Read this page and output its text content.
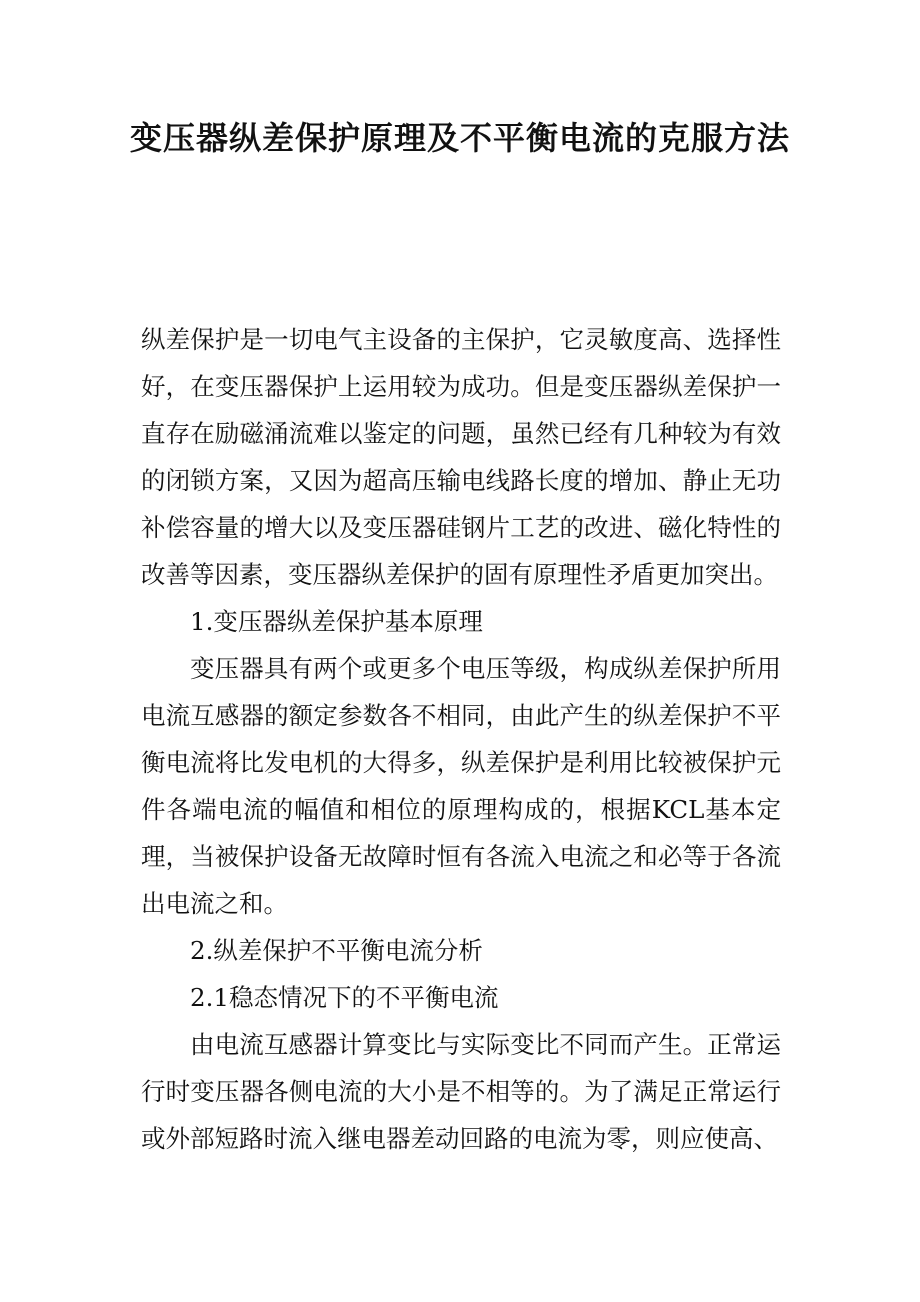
变压器纵差保护原理及不平衡电流的克服方法

纵差保护是一切电气主设备的主保护，它灵敏度高、选择性好，在变压器保护上运用较为成功。但是变压器纵差保护一直存在励磁涌流难以鉴定的问题，虽然已经有几种较为有效的闭锁方案，又因为超高压输电线路长度的增加、静止无功补偿容量的增大以及变压器硅钢片工艺的改进、磁化特性的改善等因素，变压器纵差保护的固有原理性矛盾更加突出。

1.变压器纵差保护基本原理

变压器具有两个或更多个电压等级，构成纵差保护所用电流互感器的额定参数各不相同，由此产生的纵差保护不平衡电流将比发电机的大得多，纵差保护是利用比较被保护元件各端电流的幅值和相位的原理构成的，根据KCL基本定理，当被保护设备无故障时恒有各流入电流之和必等于各流出电流之和。

2.纵差保护不平衡电流分析

2.1稳态情况下的不平衡电流

由电流互感器计算变比与实际变比不同而产生。正常运行时变压器各侧电流的大小是不相等的。为了满足正常运行或外部短路时流入继电器差动回路的电流为零，则应使高、
